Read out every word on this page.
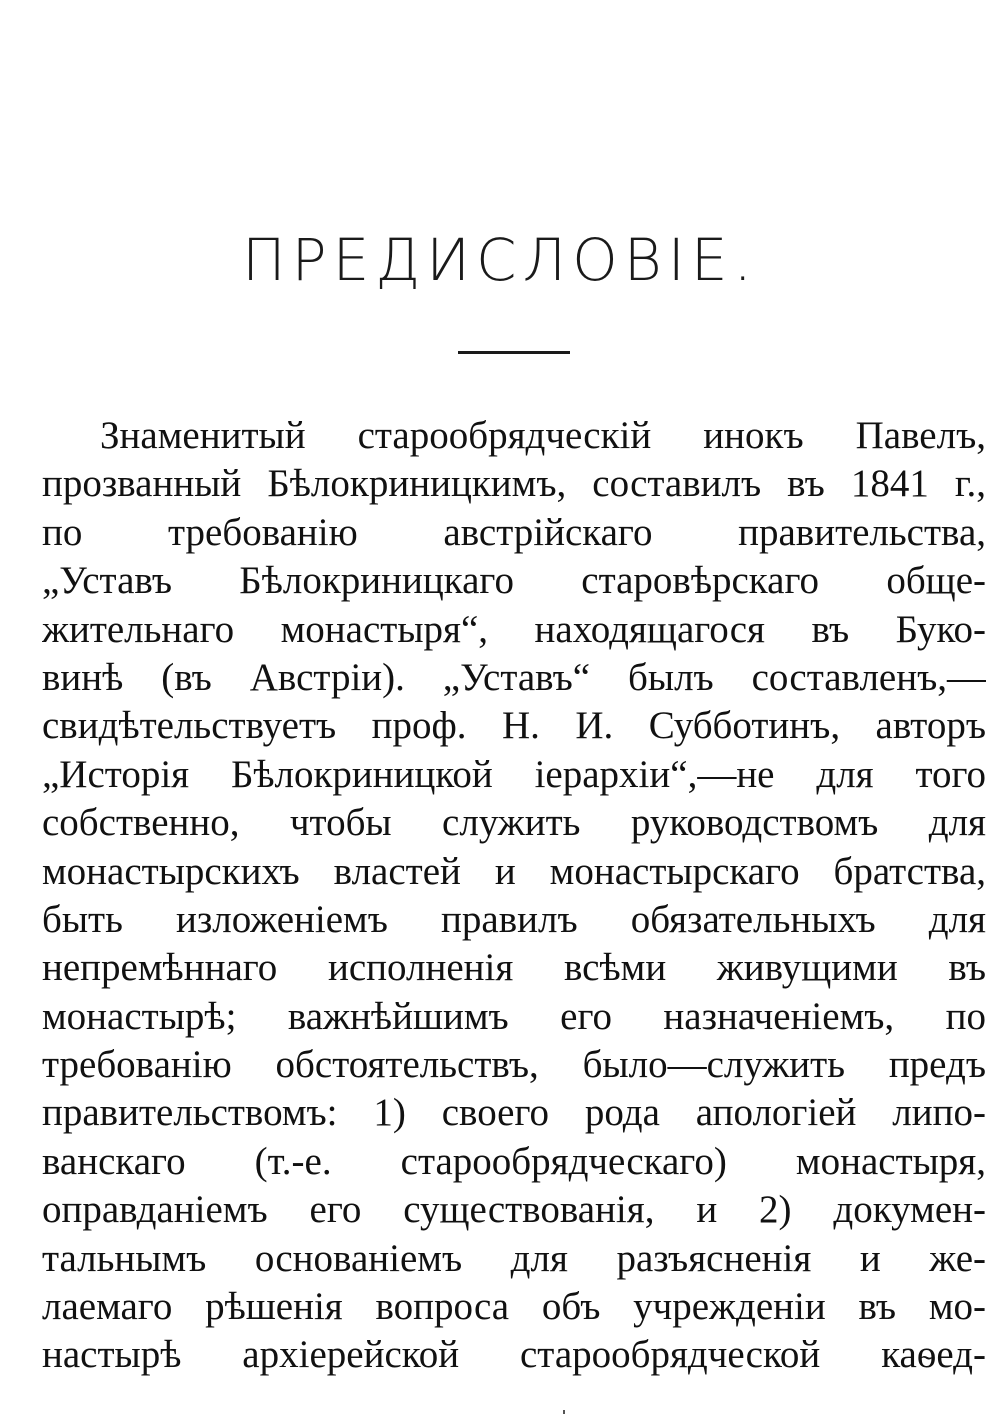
ПРЕДИСЛОВІЕ.
Знаменитый старообрядческій инокъ Павелъ,
прозванный Бѣлокриницкимъ, составилъ въ 1841 г.,
по требованію австрійскаго правительства,
„Уставъ Бѣлокриницкаго старовѣрскаго обще-
жительнаго монастыря“, находящагося въ Буко-
винѣ (въ Австріи). „Уставъ“ былъ составленъ,—
свидѣтельствуетъ проф. Н. И. Субботинъ, авторъ
„Исторія Бѣлокриницкой іерархіи“,—не для того
собственно, чтобы служить руководствомъ для
монастырскихъ властей и монастырскаго братства,
быть изложеніемъ правилъ обязательныхъ для
непремѣннаго исполненія всѣми живущими въ
монастырѣ; важнѣйшимъ его назначеніемъ, по
требованію обстоятельствъ, было—служить предъ
правительствомъ: 1) своего рода апологіей липо-
ванскаго (т.-е. старообрядческаго) монастыря,
оправданіемъ его существованія, и 2) докумен-
тальнымъ основаніемъ для разъясненія и же-
лаемаго рѣшенія вопроса объ учрежденіи въ мо-
настырѣ архіерейской старообрядческой каѳед-
